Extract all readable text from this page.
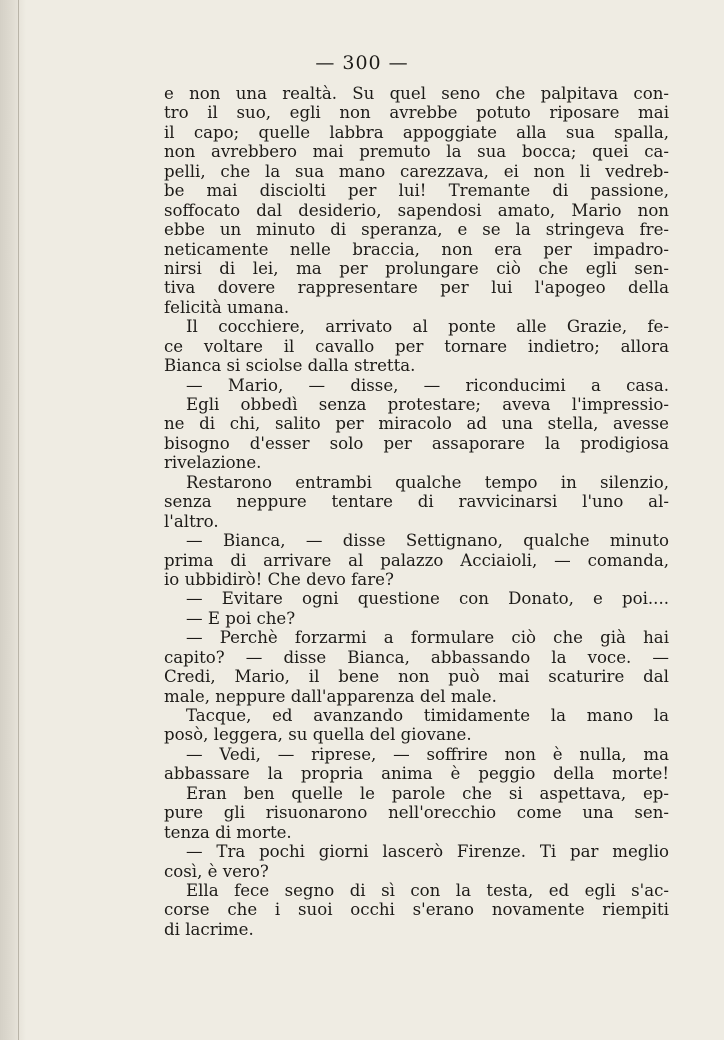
— 300 —
e non una realtà. Su quel seno che palpitava con-
tro il suo, egli non avrebbe potuto riposare mai
il capo; quelle labbra appoggiate alla sua spalla,
non avrebbero mai premuto la sua bocca; quei ca-
pelli, che la sua mano carezzava, ei non li vedreb-
be mai disciolti per lui! Tremante di passione,
soffocato dal desiderio, sapendosi amato, Mario non
ebbe un minuto di speranza, e se la stringeva fre-
neticamente nelle braccia, non era per impadro-
nirsi di lei, ma per prolungare ciò che egli sen-
tiva dovere rappresentare per lui l'apogeo della
felicità umana.
Il cocchiere, arrivato al ponte alle Grazie, fe-
ce voltare il cavallo per tornare indietro; allora
Bianca si sciolse dalla stretta.
— Mario, — disse, — riconducimi a casa.
Egli obbedì senza protestare; aveva l'impressio-
ne di chi, salito per miracolo ad una stella, avesse
bisogno d'esser solo per assaporare la prodigiosa
rivelazione.
Restarono entrambi qualche tempo in silenzio,
senza neppure tentare di ravvicinarsi l'uno al-
l'altro.
— Bianca, — disse Settignano, qualche minuto
prima di arrivare al palazzo Acciaioli, — comanda,
io ubbidirò! Che devo fare?
— Evitare ogni questione con Donato, e poi....
— E poi che?
— Perchè forzarmi a formulare ciò che già hai
capito? — disse Bianca, abbassando la voce. —
Credi, Mario, il bene non può mai scaturire dal
male, neppure dall'apparenza del male.
Tacque, ed avanzando timidamente la mano la
posò, leggera, su quella del giovane.
— Vedi, — riprese, — soffrire non è nulla, ma
abbassare la propria anima è peggio della morte!
Eran ben quelle le parole che si aspettava, ep-
pure gli risuonarono nell'orecchio come una sen-
tenza di morte.
— Tra pochi giorni lascerò Firenze. Ti par meglio
così, è vero?
Ella fece segno di sì con la testa, ed egli s'ac-
corse che i suoi occhi s'erano novamente riempiti
di lacrime.
